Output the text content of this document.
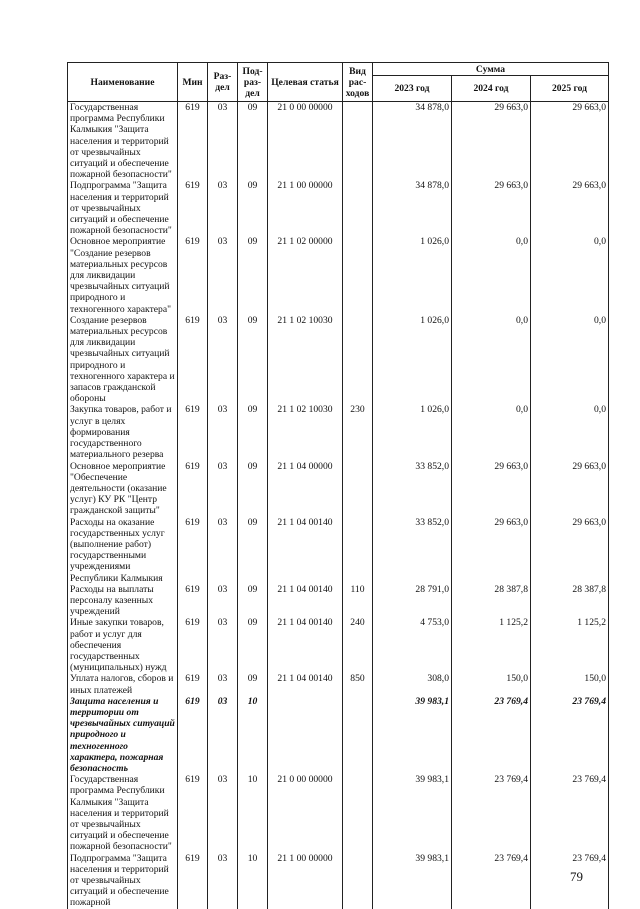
Наименование	Мин	Раз-дел	Под-раз-дел	Целевая статья	Вид рас-ходов	Сумма		
						2023 год	2024 год	2025 год
Государственная программа Республики Калмыкия "Защита населения и территорий от чрезвычайных ситуаций и обеспечение пожарной безопасности"	619	03	09	21 0 00 00000		34 878,0	29 663,0	29 663,0
Подпрограмма "Защита населения и территорий от чрезвычайных ситуаций и обеспечение пожарной безопасности"	619	03	09	21 1 00 00000		34 878,0	29 663,0	29 663,0
Основное мероприятие "Создание резервов материальных ресурсов для ликвидации чрезвычайных ситуаций природного и техногенного характера"	619	03	09	21 1 02 00000		1 026,0	0,0	0,0
Создание резервов материальных ресурсов для ликвидации чрезвычайных ситуаций природного и техногенного характера и запасов гражданской обороны	619	03	09	21 1 02 10030		1 026,0	0,0	0,0
Закупка товаров, работ и услуг в целях формирования государственного материального резерва	619	03	09	21 1 02 10030	230	1 026,0	0,0	0,0
Основное мероприятие "Обеспечение деятельности (оказание услуг) КУ РК "Центр гражданской защиты"	619	03	09	21 1 04 00000		33 852,0	29 663,0	29 663,0
Расходы на оказание государственных услуг (выполнение работ) государственными учреждениями Республики Калмыкия	619	03	09	21 1 04 00140		33 852,0	29 663,0	29 663,0
Расходы на выплаты персоналу казенных учреждений	619	03	09	21 1 04 00140	110	28 791,0	28 387,8	28 387,8
Иные закупки товаров, работ и услуг для обеспечения государственных (муниципальных) нужд	619	03	09	21 1 04 00140	240	4 753,0	1 125,2	1 125,2
Уплата налогов, сборов и иных платежей	619	03	09	21 1 04 00140	850	308,0	150,0	150,0
Защита населения и территории от чрезвычайных ситуаций природного и техногенного характера, пожарная безопасность	619	03	10			39 983,1	23 769,4	23 769,4
Государственная программа Республики Калмыкия "Защита населения и территорий от чрезвычайных ситуаций и обеспечение пожарной безопасности"	619	03	10	21 0 00 00000		39 983,1	23 769,4	23 769,4
Подпрограмма "Защита населения и территорий от чрезвычайных ситуаций и обеспечение пожарной	619	03	10	21 1 00 00000		39 983,1	23 769,4	23 769,4
79
